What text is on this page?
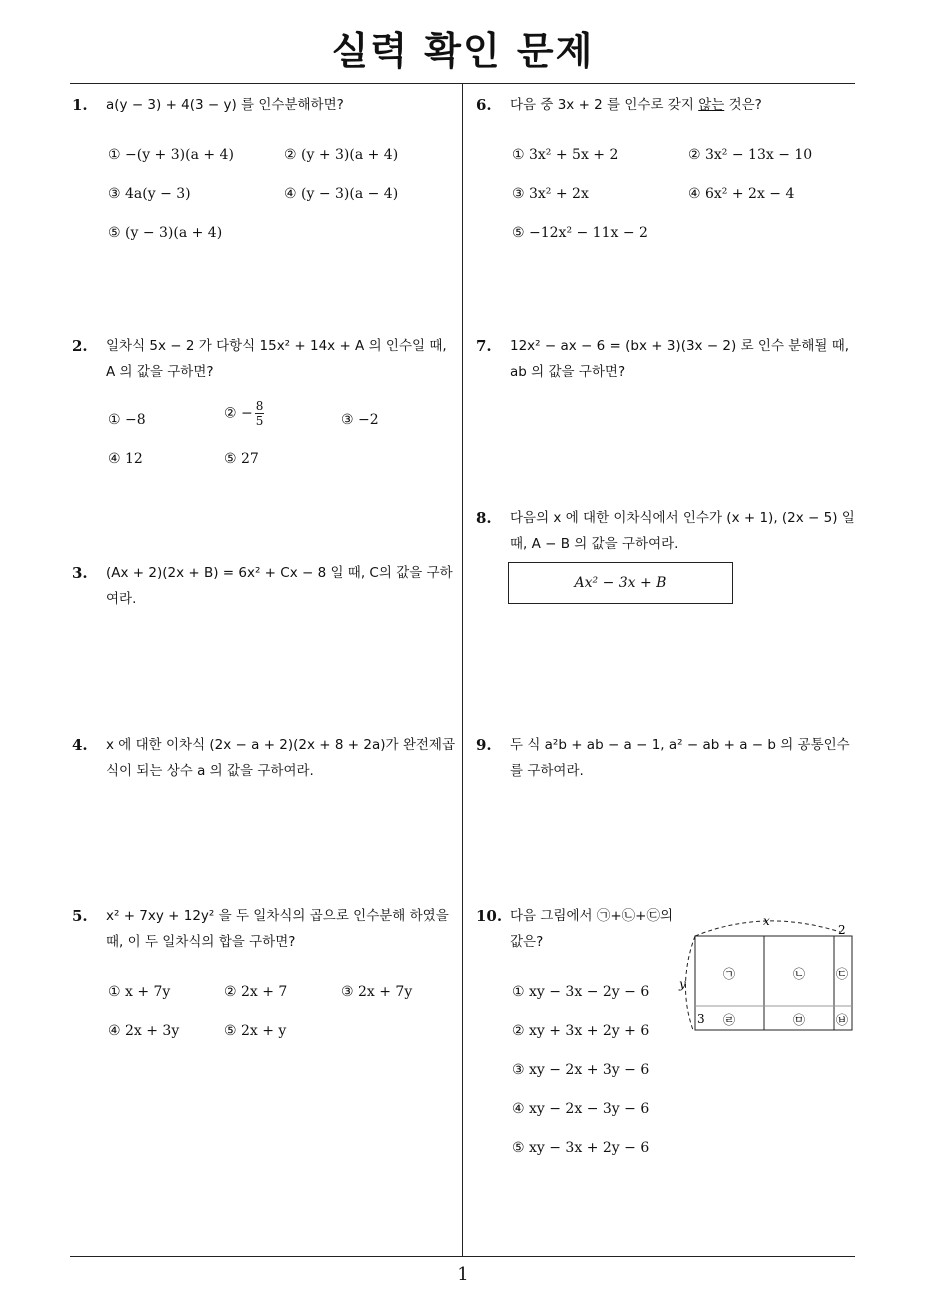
실력 확인 문제
1
1. a(y − 3) + 4(3 − y) 를 인수분해하면?
① −(y + 3)(a + 4)	② (y + 3)(a + 4)
③ 4a(y − 3)	④ (y − 3)(a − 4)
⑤ (y − 3)(a + 4)
2. 일차식 5x − 2 가 다항식 15x² + 14x + A 의 인수일 때, A 의 값을 구하면?
① −8	② − $\frac{8}{5}$	③ −2
④ 12	⑤ 27
3. (Ax + 2)(2x + B) = 6x² + Cx − 8 일 때, C의 값을 구하여라.
4. x 에 대한 이차식 (2x − a + 2)(2x + 8 + 2a)가 완전제곱식이 되는 상수 a 의 값을 구하여라.
5. x² + 7xy + 12y² 을 두 일차식의 곱으로 인수분해 하였을 때, 이 두 일차식의 합을 구하면?
① x + 7y	② 2x + 7	③ 2x + 7y
④ 2x + 3y	⑤ 2x + y
6. 다음 중 3x + 2 를 인수로 갖지 않는 것은?
① 3x² + 5x + 2	② 3x² − 13x − 10
③ 3x² + 2x	④ 6x² + 2x − 4
⑤ −12x² − 11x − 2
7. 12x² − ax − 6 = (bx + 3)(3x − 2) 로 인수 분해될 때, ab 의 값을 구하면?
8. 다음의 x 에 대한 이차식에서 인수가 (x + 1), (2x − 5) 일 때, A − B 의 값을 구하여라.
Ax² − 3x + B
9. 두 식 a²b + ab − a − 1, a² − ab + a − b 의 공통인수를 구하여라.
10. 다음 그림에서 ㉠+㉡+㉢의 값은?
① xy − 3x − 2y − 6
② xy + 3x + 2y + 6
③ xy − 2x + 3y − 6
④ xy − 2x − 3y − 6
⑤ xy − 3x + 2y − 6
x
2
y
3
㉠	㉡	㉢
㉣	㉤	㉥
